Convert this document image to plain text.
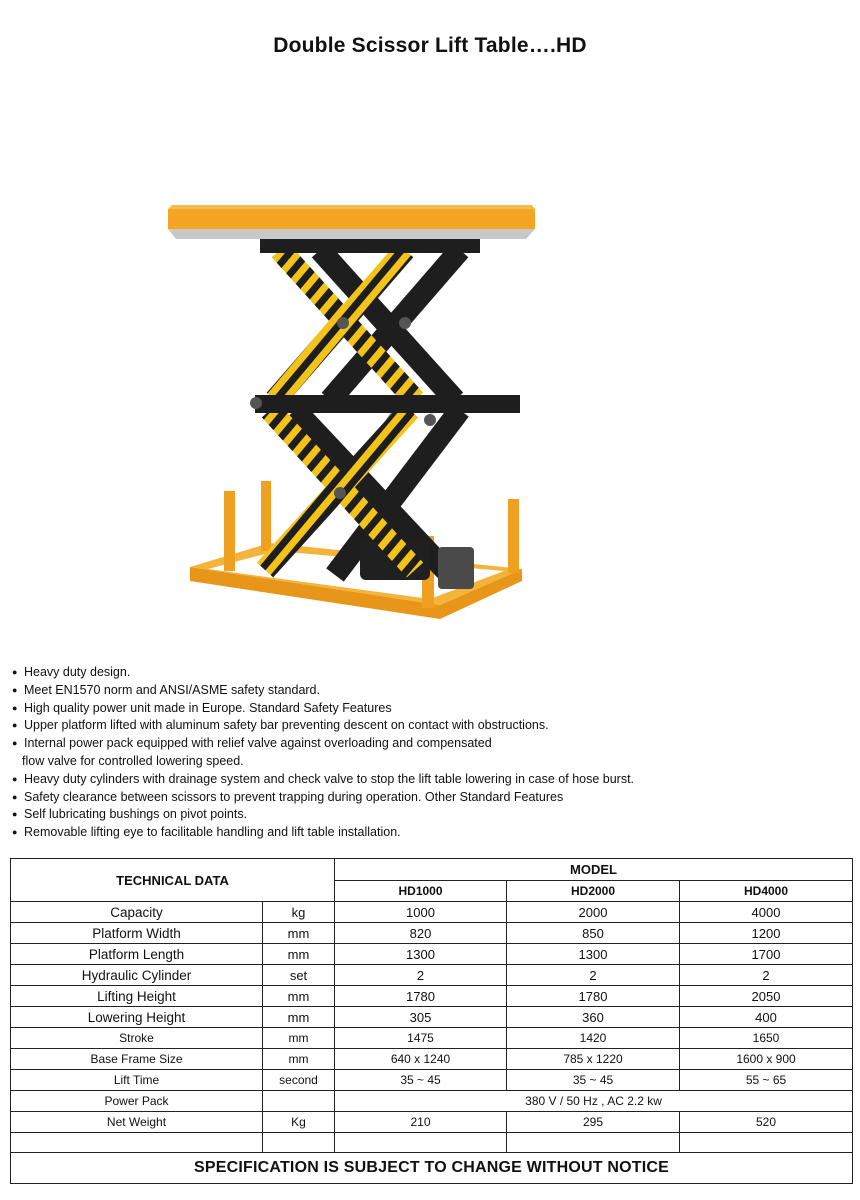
Double Scissor Lift Table….HD
● Heavy duty design.
● Meet EN1570 norm and ANSI/ASME safety standard.
● High quality power unit made in Europe. Standard Safety Features
● Upper platform lifted with aluminum safety bar preventing descent on contact with obstructions.
● Internal power pack equipped with relief valve against overloading and compensated
flow valve for controlled lowering speed.
● Heavy duty cylinders with drainage system and check valve to stop the lift table lowering in case of hose burst.
● Safety clearance between scissors to prevent trapping during operation. Other Standard Features
● Self lubricating bushings on pivot points.
● Removable lifting eye to facilitable handling and lift table installation.
TECHNICAL DATA		MODEL		
		HD1000	HD2000	HD4000
Capacity	kg	1000	2000	4000
Platform Width	mm	820	850	1200
Platform Length	mm	1300	1300	1700
Hydraulic Cylinder	set	2	2	2
Lifting Height	mm	1780	1780	2050
Lowering Height	mm	305	360	400
Stroke	mm	1475	1420	1650
Base Frame Size	mm	640 x 1240	785 x 1220	1600 x 900
Lift Time	second	35 ~ 45	35 ~ 45	55 ~ 65
Power Pack		380 V / 50 Hz , AC 2.2 kw		
Net Weight	Kg	210	295	520

SPECIFICATION IS SUBJECT TO CHANGE WITHOUT NOTICE				
